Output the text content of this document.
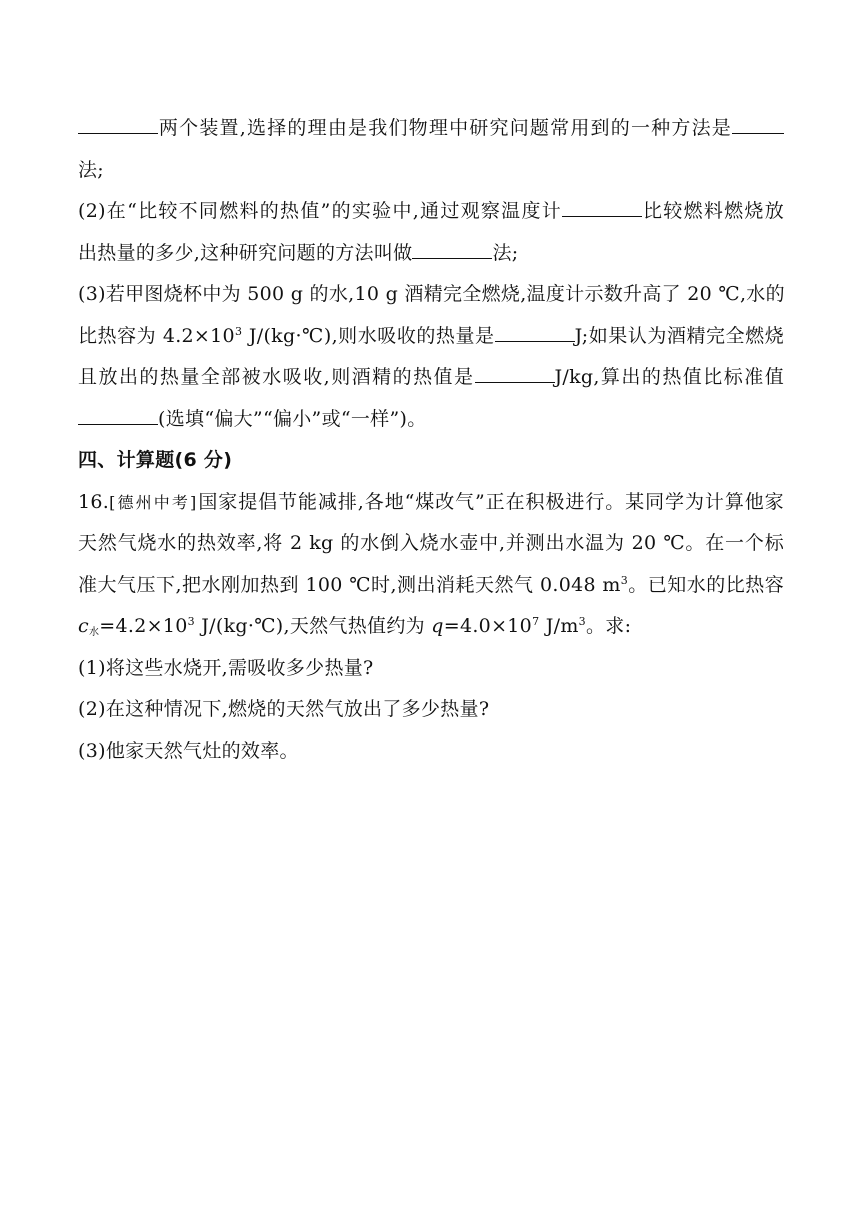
两个装置,选择的理由是我们物理中研究问题常用到的一种方法是
法;
(2)在“比较不同燃料的热值”的实验中,通过观察温度计	比较燃料燃烧放
出热量的多少,这种研究问题的方法叫做	法;
(3)若甲图烧杯中为 500 g 的水,10 g 酒精完全燃烧,温度计示数升高了 20 ℃,水的
比热容为 $4.2\times 10^3$ J/(kg·℃),则水吸收的热量是	J;如果认为酒精完全燃烧
且放出的热量全部被水吸收,则酒精的热值是	J/kg,算出的热值比标准值
(选填“偏大”“偏小”或“一样”)。
四、计算题(6 分)
16.[德州中考]国家提倡节能减排,各地“煤改气”正在积极进行。某同学为计算他家
天然气烧水的热效率,将 2 kg 的水倒入烧水壶中,并测出水温为 20 ℃。在一个标
准大气压下,把水刚加热到 100 ℃时,测出消耗天然气 0.048 $m^3$。已知水的比热容
$c_水=4.2\times 10^3$ J/(kg·℃),天然气热值约为 $q=4.0\times 10^7$ $J/m^3$。求:
(1)将这些水烧开,需吸收多少热量?
(2)在这种情况下,燃烧的天然气放出了多少热量?
(3)他家天然气灶的效率。
